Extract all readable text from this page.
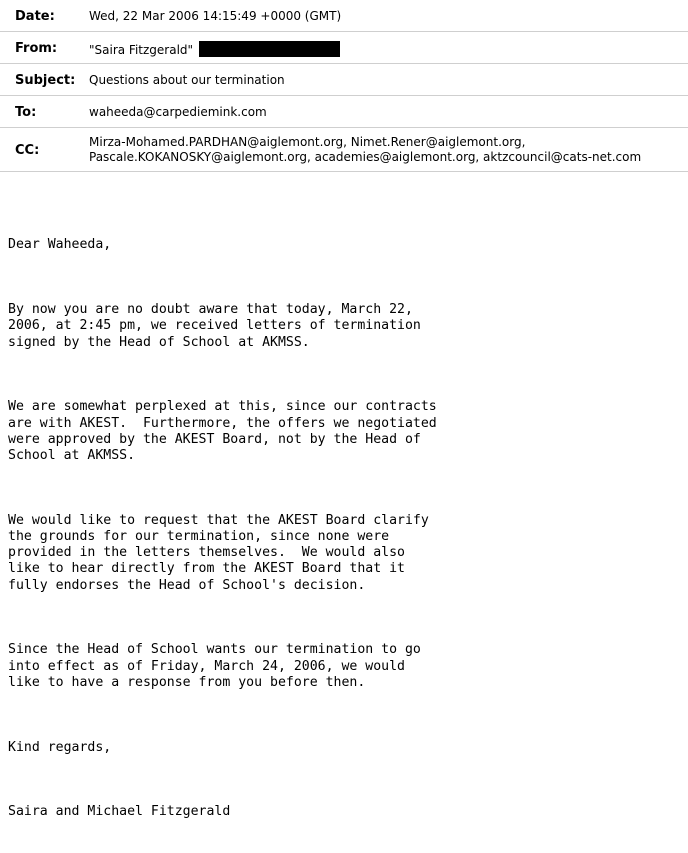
Date:	Wed, 22 Mar 2006 14:15:49 +0000 (GMT)
From:	"Saira Fitzgerald"
Subject: Questions about our termination
To:	waheeda@carpediemink.com
CC:
Mirza-Mohamed.PARDHAN@aiglemont.org, Nimet.Rener@aiglemont.org,
Pascale.KOKANOSKY@aiglemont.org, academies@aiglemont.org, aktzcouncil@cats-net.com

Dear Waheeda,

By now you are no doubt aware that today, March 22,
2006, at 2:45 pm, we received letters of termination
signed by the Head of School at AKMSS.

We are somewhat perplexed at this, since our contracts
are with AKEST.  Furthermore, the offers we negotiated
were approved by the AKEST Board, not by the Head of
School at AKMSS.

We would like to request that the AKEST Board clarify
the grounds for our termination, since none were
provided in the letters themselves.  We would also
like to hear directly from the AKEST Board that it
fully endorses the Head of School's decision.

Since the Head of School wants our termination to go
into effect as of Friday, March 24, 2006, we would
like to have a response from you before then.

Kind regards,

Saira and Michael Fitzgerald
